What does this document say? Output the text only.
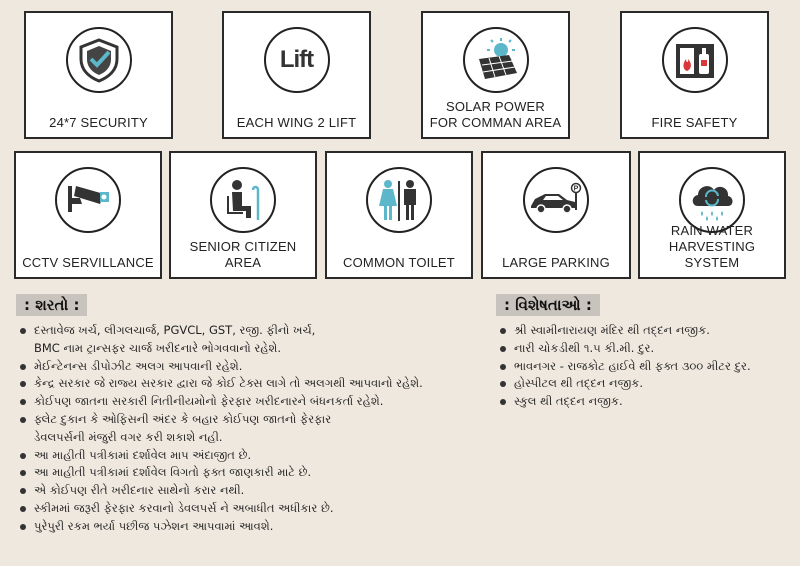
24*7 SECURITY
Lift
EACH WING 2 LIFT
SOLAR POWER
FOR COMMAN AREA	FIRE SAFETY
CCTV SERVILLANCE
SENIOR CITIZEN AREA	COMMON TOILET
P
LARGE PARKING
RAIN WATER
HARVESTING SYSTEM
: શરતો :
દસ્તાવેજ ખર્ચ, લીગલચાર્જ, PGVCL, GST, રજી. ફીનો ખર્ચ,
BMC નામ ટ્રાન્સફર ચાર્જ ખરીદનારે ભોગવવાનો રહેશે.
મેઈન્ટેનન્સ ડીપોઝીટ અલગ આપવાની રહેશે.
કેન્દ્ર સરકાર જે રાજ્ય સરકાર દ્વારા જે કોઈ ટેક્સ લાગે તો અલગથી આપવાનો રહેશે.
કોઈપણ જાતના સરકારી નિતીનીયમોનો ફેરફાર ખરીદનારને બંધનકર્તા રહેશે.
ફ્લેટ દુકાન કે ઓફિસની અંદર કે બહાર કોઈપણ જાતનો ફેરફાર
ડેવલપર્સની મંજુરી વગર કરી શકાશે નહી.
આ માહીતી પત્રીકામાં દર્શાવેલ માપ અંદાજીત છે.
આ માહીતી પત્રીકામાં દર્શાવેલ વિગતો ફક્ત જાણકારી માટે છે.
એ કોઈપણ રીતે ખરીદનાર સાથેનો કરાર નથી.
સ્કીમમાં જરૂરી ફેરફાર કરવાનો ડેવલપર્સ ને અબાધીત અધીકાર છે.
પુરેપુરી રકમ ભર્યા પછીજ પઝેશન આપવામાં આવશે.
: વિશેષતાઓ :
શ્રી સ્વામીનારાયણ મંદિર થી તદ્દન નજીક.
નારી ચોકડીથી ૧.૫ કી.મી. દુર.
ભાવનગર - રાજકોટ હાઈવે થી ફક્ત ૩૦૦ મીટર દુર.
હોસ્પીટલ થી તદ્દન નજીક.
સ્કુલ થી તદ્દન નજીક.
